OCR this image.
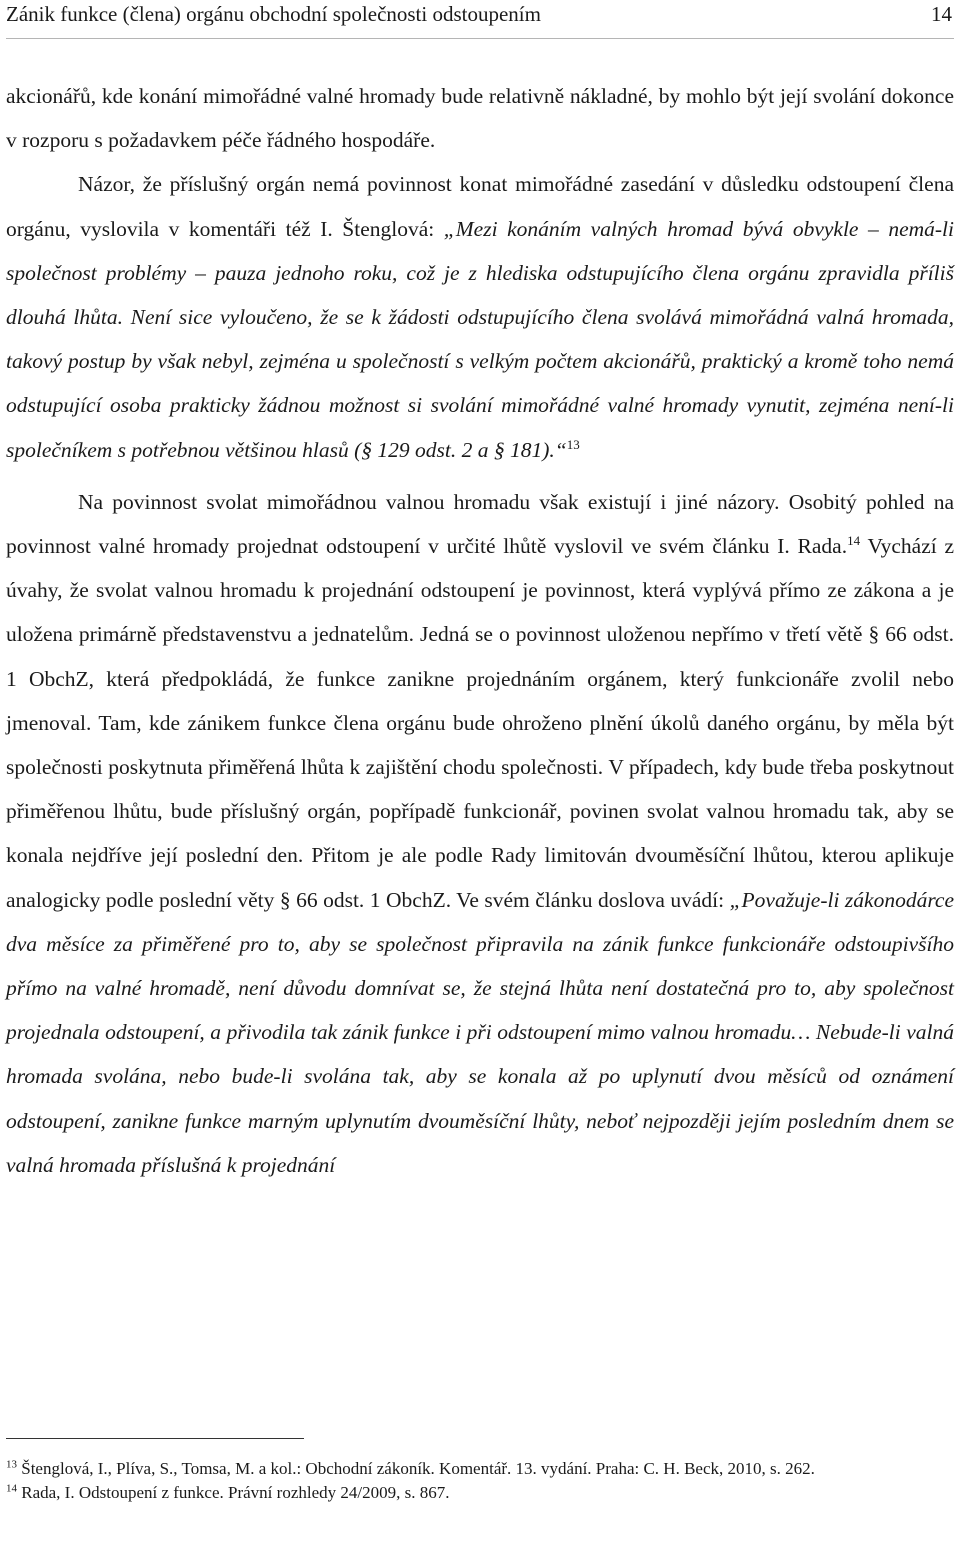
Zánik funkce (člena) orgánu obchodní společnosti odstoupením	14

akcionářů, kde konání mimořádné valné hromady bude relativně nákladné, by mohlo být její svolání dokonce v rozporu s požadavkem péče řádného hospodáře.

Názor, že příslušný orgán nemá povinnost konat mimořádné zasedání v důsledku odstoupení člena orgánu, vyslovila v komentáři též I. Štenglová: „Mezi konáním valných hromad bývá obvykle – nemá-li společnost problémy – pauza jednoho roku, což je z hlediska odstupujícího člena orgánu zpravidla příliš dlouhá lhůta. Není sice vyloučeno, že se k žádosti odstupujícího člena svolává mimořádná valná hromada, takový postup by však nebyl, zejména u společností s velkým počtem akcionářů, praktický a kromě toho nemá odstupující osoba prakticky žádnou možnost si svolání mimořádné valné hromady vynutit, zejména není-li společníkem s potřebnou většinou hlasů (§ 129 odst. 2 a § 181).“$^{13}$

Na povinnost svolat mimořádnou valnou hromadu však existují i jiné názory. Osobitý pohled na povinnost valné hromady projednat odstoupení v určité lhůtě vyslovil ve svém článku I. Rada.$^{14}$ Vychází z úvahy, že svolat valnou hromadu k projednání odstoupení je povinnost, která vyplývá přímo ze zákona a je uložena primárně představenstvu a jednatelům. Jedná se o povinnost uloženou nepřímo v třetí větě § 66 odst. 1 ObchZ, která předpokládá, že funkce zanikne projednáním orgánem, který funkcionáře zvolil nebo jmenoval. Tam, kde zánikem funkce člena orgánu bude ohroženo plnění úkolů daného orgánu, by měla být společnosti poskytnuta přiměřená lhůta k zajištění chodu společnosti. V případech, kdy bude třeba poskytnout přiměřenou lhůtu, bude příslušný orgán, popřípadě funkcionář, povinen svolat valnou hromadu tak, aby se konala nejdříve její poslední den. Přitom je ale podle Rady limitován dvouměsíční lhůtou, kterou aplikuje analogicky podle poslední věty § 66 odst. 1 ObchZ. Ve svém článku doslova uvádí: „Považuje-li zákonodárce dva měsíce za přiměřené pro to, aby se společnost připravila na zánik funkce funkcionáře odstoupivšího přímo na valné hromadě, není důvodu domnívat se, že stejná lhůta není dostatečná pro to, aby společnost projednala odstoupení, a přivodila tak zánik funkce i při odstoupení mimo valnou hromadu… Nebude-li valná hromada svolána, nebo bude-li svolána tak, aby se konala až po uplynutí dvou měsíců od oznámení odstoupení, zanikne funkce marným uplynutím dvouměsíční lhůty, neboť nejpozději jejím posledním dnem se valná hromada příslušná k projednání

$^{13}$ Štenglová, I., Plíva, S., Tomsa, M. a kol.: Obchodní zákoník. Komentář. 13. vydání. Praha: C. H. Beck, 2010, s. 262.

$^{14}$ Rada, I. Odstoupení z funkce. Právní rozhledy 24/2009, s. 867.
